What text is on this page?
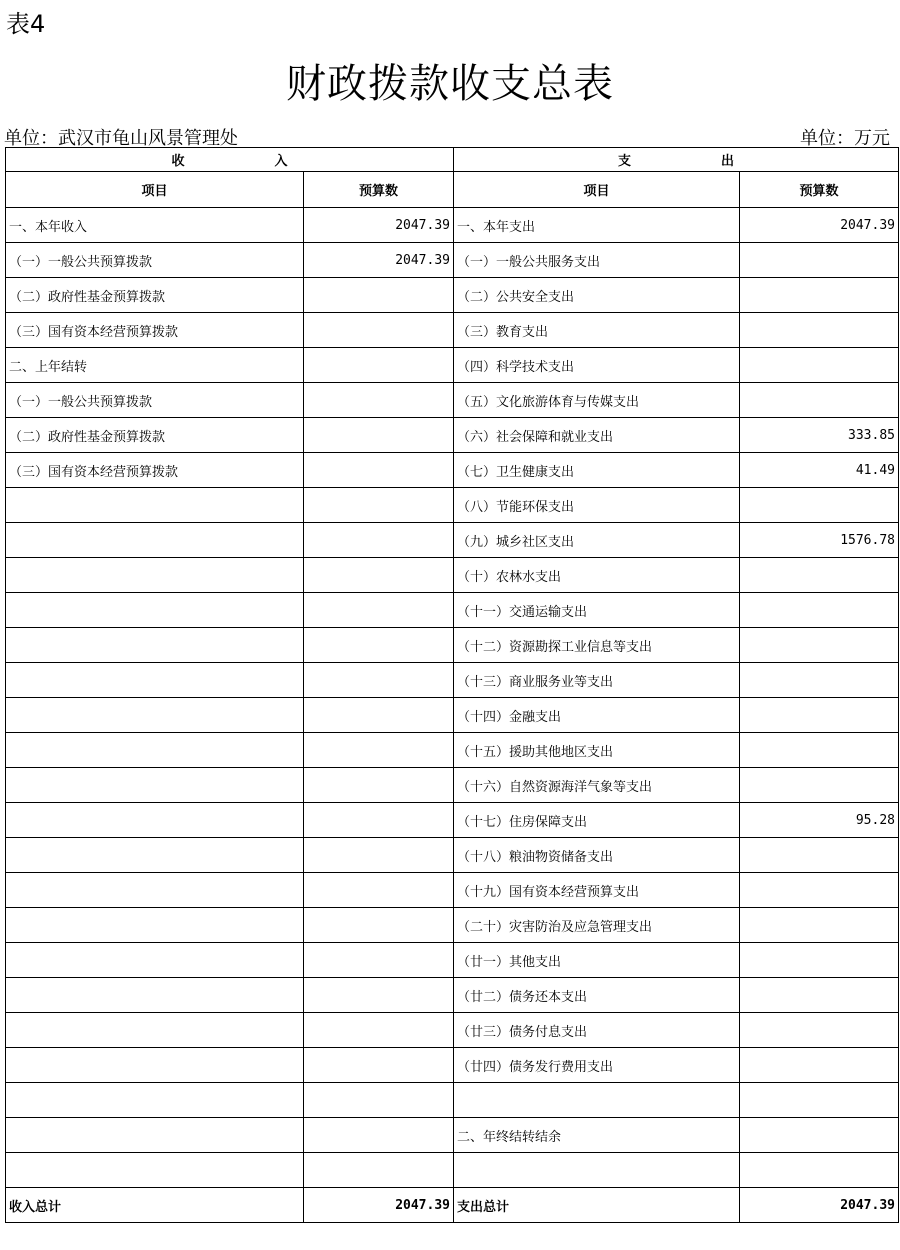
表4
财政拨款收支总表
单位：武汉市龟山风景管理处	单位：万元
收 入		支 出	
项目	预算数	项目	预算数
一、本年收入	2047.39	一、本年支出	2047.39
（一）一般公共预算拨款	2047.39	（一）一般公共服务支出	
（二）政府性基金预算拨款		（二）公共安全支出	
（三）国有资本经营预算拨款		（三）教育支出	
二、上年结转		（四）科学技术支出	
（一）一般公共预算拨款		（五）文化旅游体育与传媒支出	
（二）政府性基金预算拨款		（六）社会保障和就业支出	333.85
（三）国有资本经营预算拨款		（七）卫生健康支出	41.49
		（八）节能环保支出	
		（九）城乡社区支出	1576.78
		（十）农林水支出	
		（十一）交通运输支出	
		（十二）资源勘探工业信息等支出	
		（十三）商业服务业等支出	
		（十四）金融支出	
		（十五）援助其他地区支出	
		（十六）自然资源海洋气象等支出	
		（十七）住房保障支出	95.28
		（十八）粮油物资储备支出	
		（十九）国有资本经营预算支出	
		（二十）灾害防治及应急管理支出	
		（廿一）其他支出	
		（廿二）债务还本支出	
		（廿三）债务付息支出	
		（廿四）债务发行费用支出	

		二、年终结转结余	

收入总计	2047.39	支出总计	2047.39
